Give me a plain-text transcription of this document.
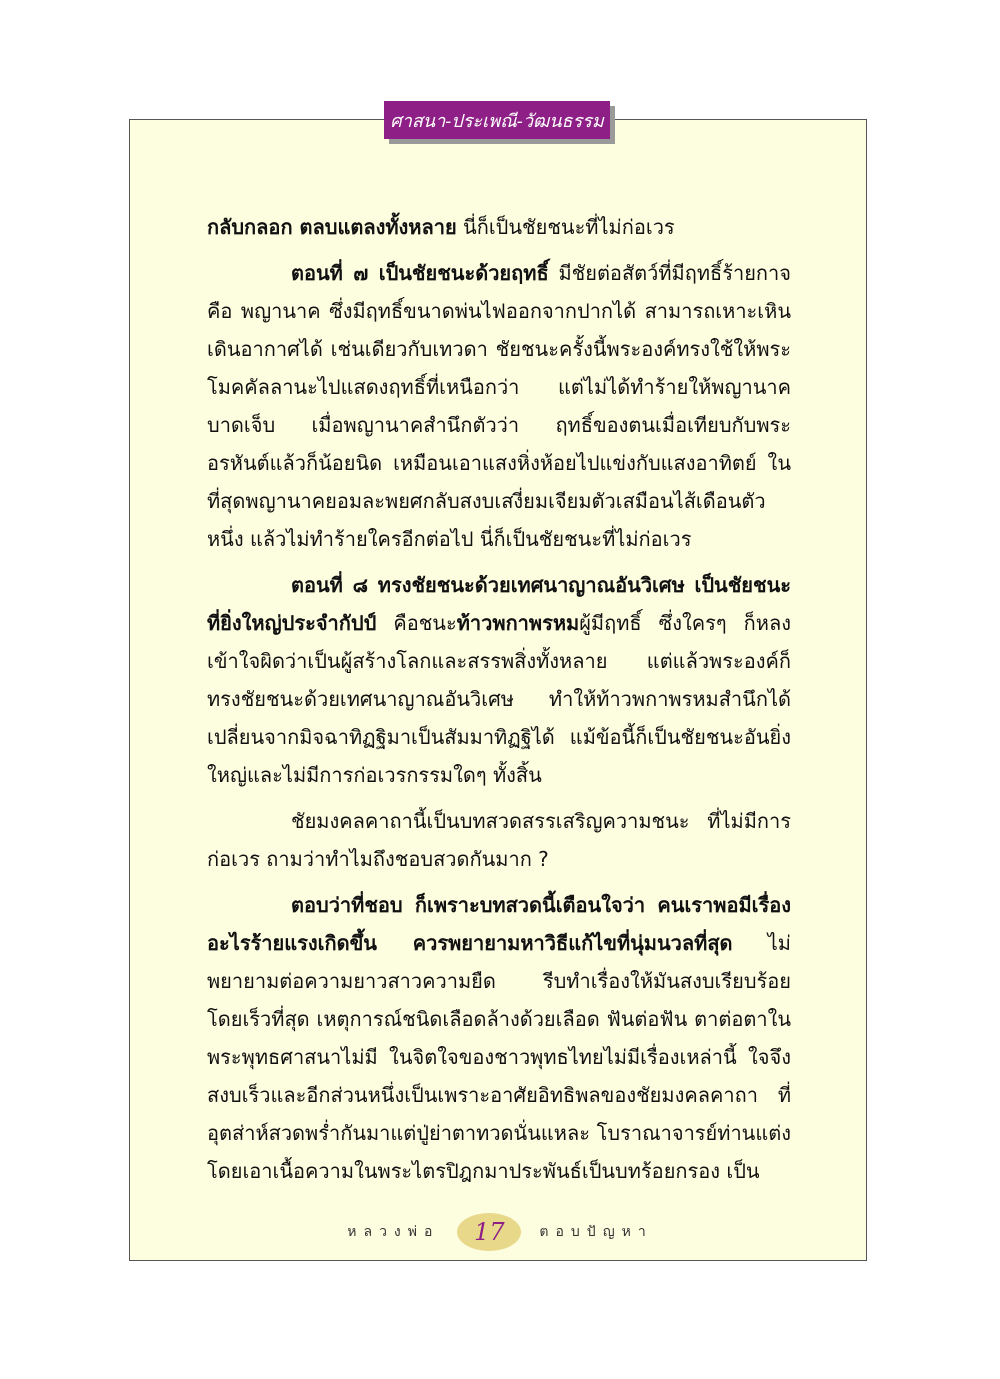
ศาสนา-ประเพณี-วัฒนธรรม

กลับกลอก ตลบแตลงทั้งหลาย นี่ก็เป็นชัยชนะที่ไม่ก่อเวร

ตอนที่ ๗ เป็นชัยชนะด้วยฤทธิ์ มีชัยต่อสัตว์ที่มีฤทธิ์ร้ายกาจ คือ พญานาค ซึ่งมีฤทธิ์ขนาดพ่นไฟออกจากปากได้ สามารถเหาะเหินเดินอากาศได้ เช่นเดียวกับเทวดา ชัยชนะครั้งนี้พระองค์ทรงใช้ให้พระโมคคัลลานะไปแสดงฤทธิ์ที่เหนือกว่า แต่ไม่ได้ทำร้ายให้พญานาคบาดเจ็บ เมื่อพญานาคสำนึกตัวว่า ฤทธิ์ของตนเมื่อเทียบกับพระอรหันต์แล้วก็น้อยนิด เหมือนเอาแสงหิ่งห้อยไปแข่งกับแสงอาทิตย์ ในที่สุดพญานาคยอมละพยศกลับสงบเสงี่ยมเจียมตัวเสมือนไส้เดือนตัวหนึ่ง แล้วไม่ทำร้ายใครอีกต่อไป นี่ก็เป็นชัยชนะที่ไม่ก่อเวร

ตอนที่ ๘ ทรงชัยชนะด้วยเทศนาญาณอันวิเศษ เป็นชัยชนะที่ยิ่งใหญ่ประจำกัปป์ คือชนะท้าวพกาพรหมผู้มีฤทธิ์ ซึ่งใครๆ ก็หลงเข้าใจผิดว่าเป็นผู้สร้างโลกและสรรพสิ่งทั้งหลาย แต่แล้วพระองค์ก็ทรงชัยชนะด้วยเทศนาญาณอันวิเศษ ทำให้ท้าวพกาพรหมสำนึกได้ เปลี่ยนจากมิจฉาทิฏฐิมาเป็นสัมมาทิฏฐิได้ แม้ข้อนี้ก็เป็นชัยชนะอันยิ่งใหญ่และไม่มีการก่อเวรกรรมใดๆ ทั้งสิ้น

ชัยมงคลคาถานี้เป็นบทสวดสรรเสริญความชนะ ที่ไม่มีการก่อเวร ถามว่าทำไมถึงชอบสวดกันมาก ?

ตอบว่าที่ชอบ ก็เพราะบทสวดนี้เตือนใจว่า คนเราพอมีเรื่องอะไรร้ายแรงเกิดขึ้น ควรพยายามหาวิธีแก้ไขที่นุ่มนวลที่สุด ไม่พยายามต่อความยาวสาวความยืด รีบทำเรื่องให้มันสงบเรียบร้อย โดยเร็วที่สุด เหตุการณ์ชนิดเลือดล้างด้วยเลือด ฟันต่อฟัน ตาต่อตาในพระพุทธศาสนาไม่มี ในจิตใจของชาวพุทธไทยไม่มีเรื่องเหล่านี้ ใจจึงสงบเร็วและอีกส่วนหนึ่งเป็นเพราะอาศัยอิทธิพลของชัยมงคลคาถา ที่อุตส่าห์สวดพร่ำกันมาแต่ปู่ย่าตาทวดนั่นแหละ โบราณาจารย์ท่านแต่งโดยเอาเนื้อความในพระไตรปิฎกมาประพันธ์เป็นบทร้อยกรอง เป็น

หลวงพ่อ	17	ตอบปัญหา
